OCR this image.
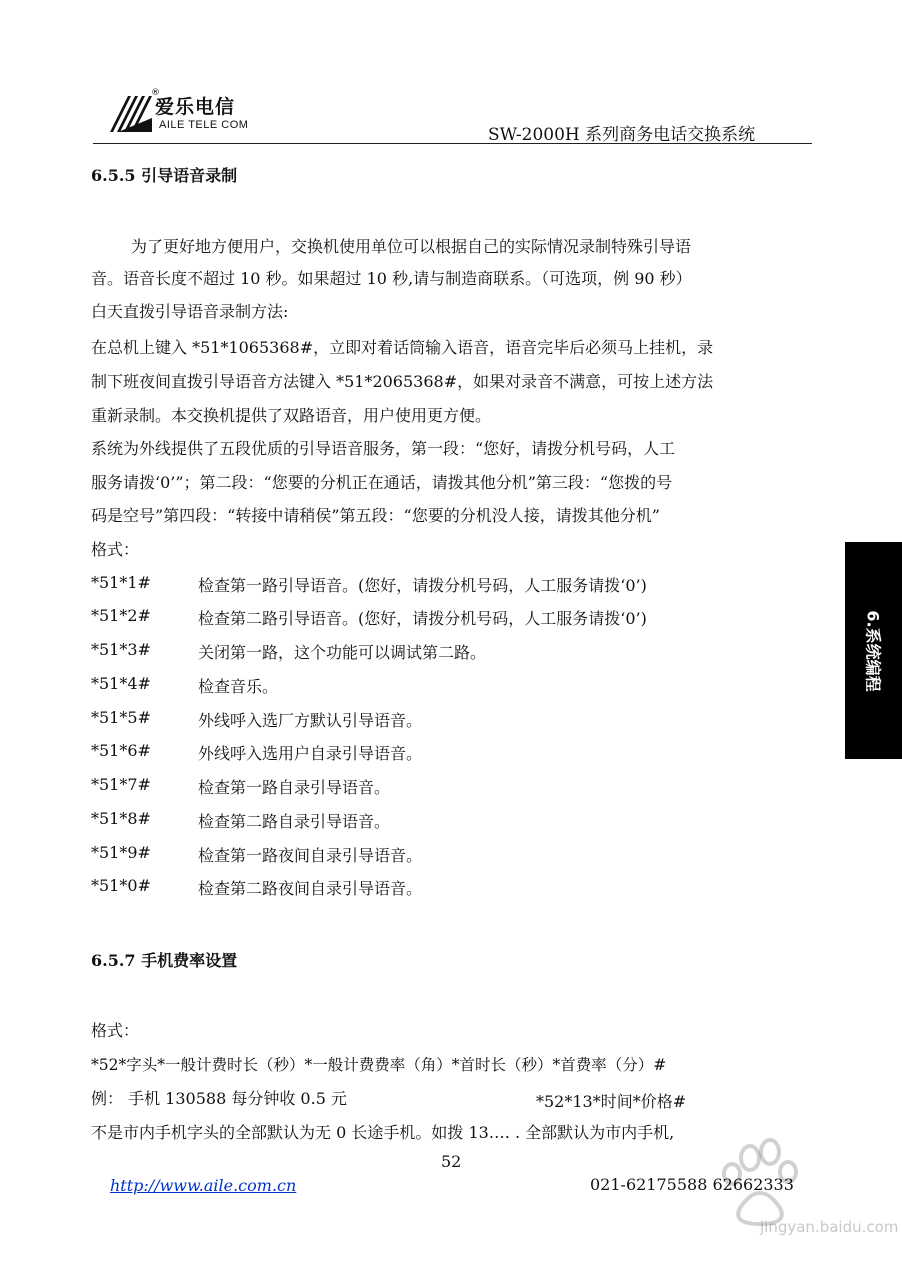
®
爱乐电信
AILE TELE COM	SW-2000H 系列商务电话交换系统
6.5.5 引导语音录制
为了更好地方便用户，交换机使用单位可以根据自己的实际情况录制特殊引导语
音。语音长度不超过 10 秒。如果超过 10 秒,请与制造商联系。（可选项，例 90 秒）
白天直拨引导语音录制方法:
在总机上键入 *51*1065368#，立即对着话筒输入语音，语音完毕后必须马上挂机，录
制下班夜间直拨引导语音方法键入 *51*2065368#，如果对录音不满意，可按上述方法
重新录制。本交换机提供了双路语音，用户使用更方便。
系统为外线提供了五段优质的引导语音服务，第一段：“您好，请拨分机号码，人工
服务请拨‘0’”；第二段：“您要的分机正在通话，请拨其他分机”第三段：“您拨的号
码是空号”第四段：“转接中请稍侯”第五段：“您要的分机没人接，请拨其他分机”
格式：
*51*1#	检查第一路引导语音。(您好，请拨分机号码，人工服务请拨‘0’)
*51*2#	检查第二路引导语音。(您好，请拨分机号码，人工服务请拨‘0’)
*51*3#	关闭第一路，这个功能可以调试第二路。
*51*4#	检查音乐。
*51*5#	外线呼入选厂方默认引导语音。
*51*6#	外线呼入选用户自录引导语音。
*51*7#	检查第一路自录引导语音。
*51*8#	检查第二路自录引导语音。
*51*9#	检查第一路夜间自录引导语音。
*51*0#	检查第二路夜间自录引导语音。
6.5.7 手机费率设置
格式：
*52*字头*一般计费时长（秒）*一般计费费率（角）*首时长（秒）*首费率（分）#
例： 手机 130588 每分钟收 0.5 元	*52*13*时间*价格#
不是市内手机字头的全部默认为无 0 长途手机。如拨 13…. . 全部默认为市内手机,
52
http://www.aile.com.cn	021-62175588 62662333
6.系统编程
jingyan.baidu.com
